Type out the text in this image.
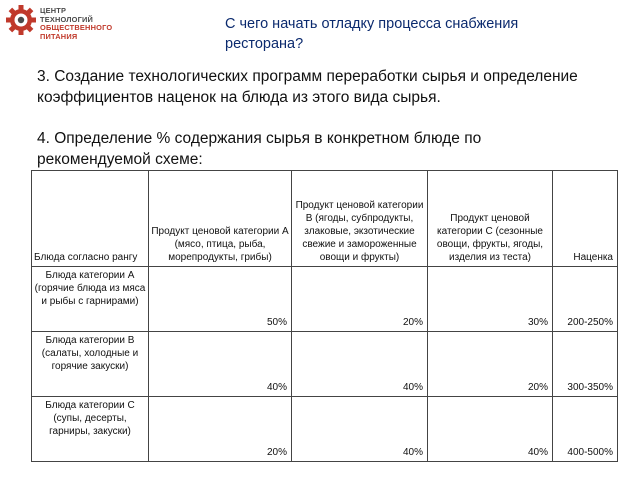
ЦЕНТР
ТЕХНОЛОГИЙ
ОБЩЕСТВЕННОГО
ПИТАНИЯ
С чего начать отладку процесса снабжения
ресторана?
3. Создание технологических программ переработки сырья и определение
коэффициентов наценок на блюда из этого вида сырья.
4. Определение % содержания сырья в конкретном блюде по
рекомендуемой схеме:
Блюда согласно рангу	Продукт ценовой категории А (мясо, птица, рыба, морепродукты, грибы)	Продукт ценовой категории В (ягоды, субпродукты, злаковые, экзотические свежие и замороженные овощи и фрукты)	Продукт ценовой категории С (сезонные овощи, фрукты, ягоды, изделия из теста)	Наценка
Блюда категории А (горячие блюда из мяса и рыбы с гарнирами)	50%	20%	30%	200-250%
Блюда категории В (салаты, холодные и горячие закуски)	40%	40%	20%	300-350%
Блюда категории С (супы, десерты, гарниры, закуски)	20%	40%	40%	400-500%
